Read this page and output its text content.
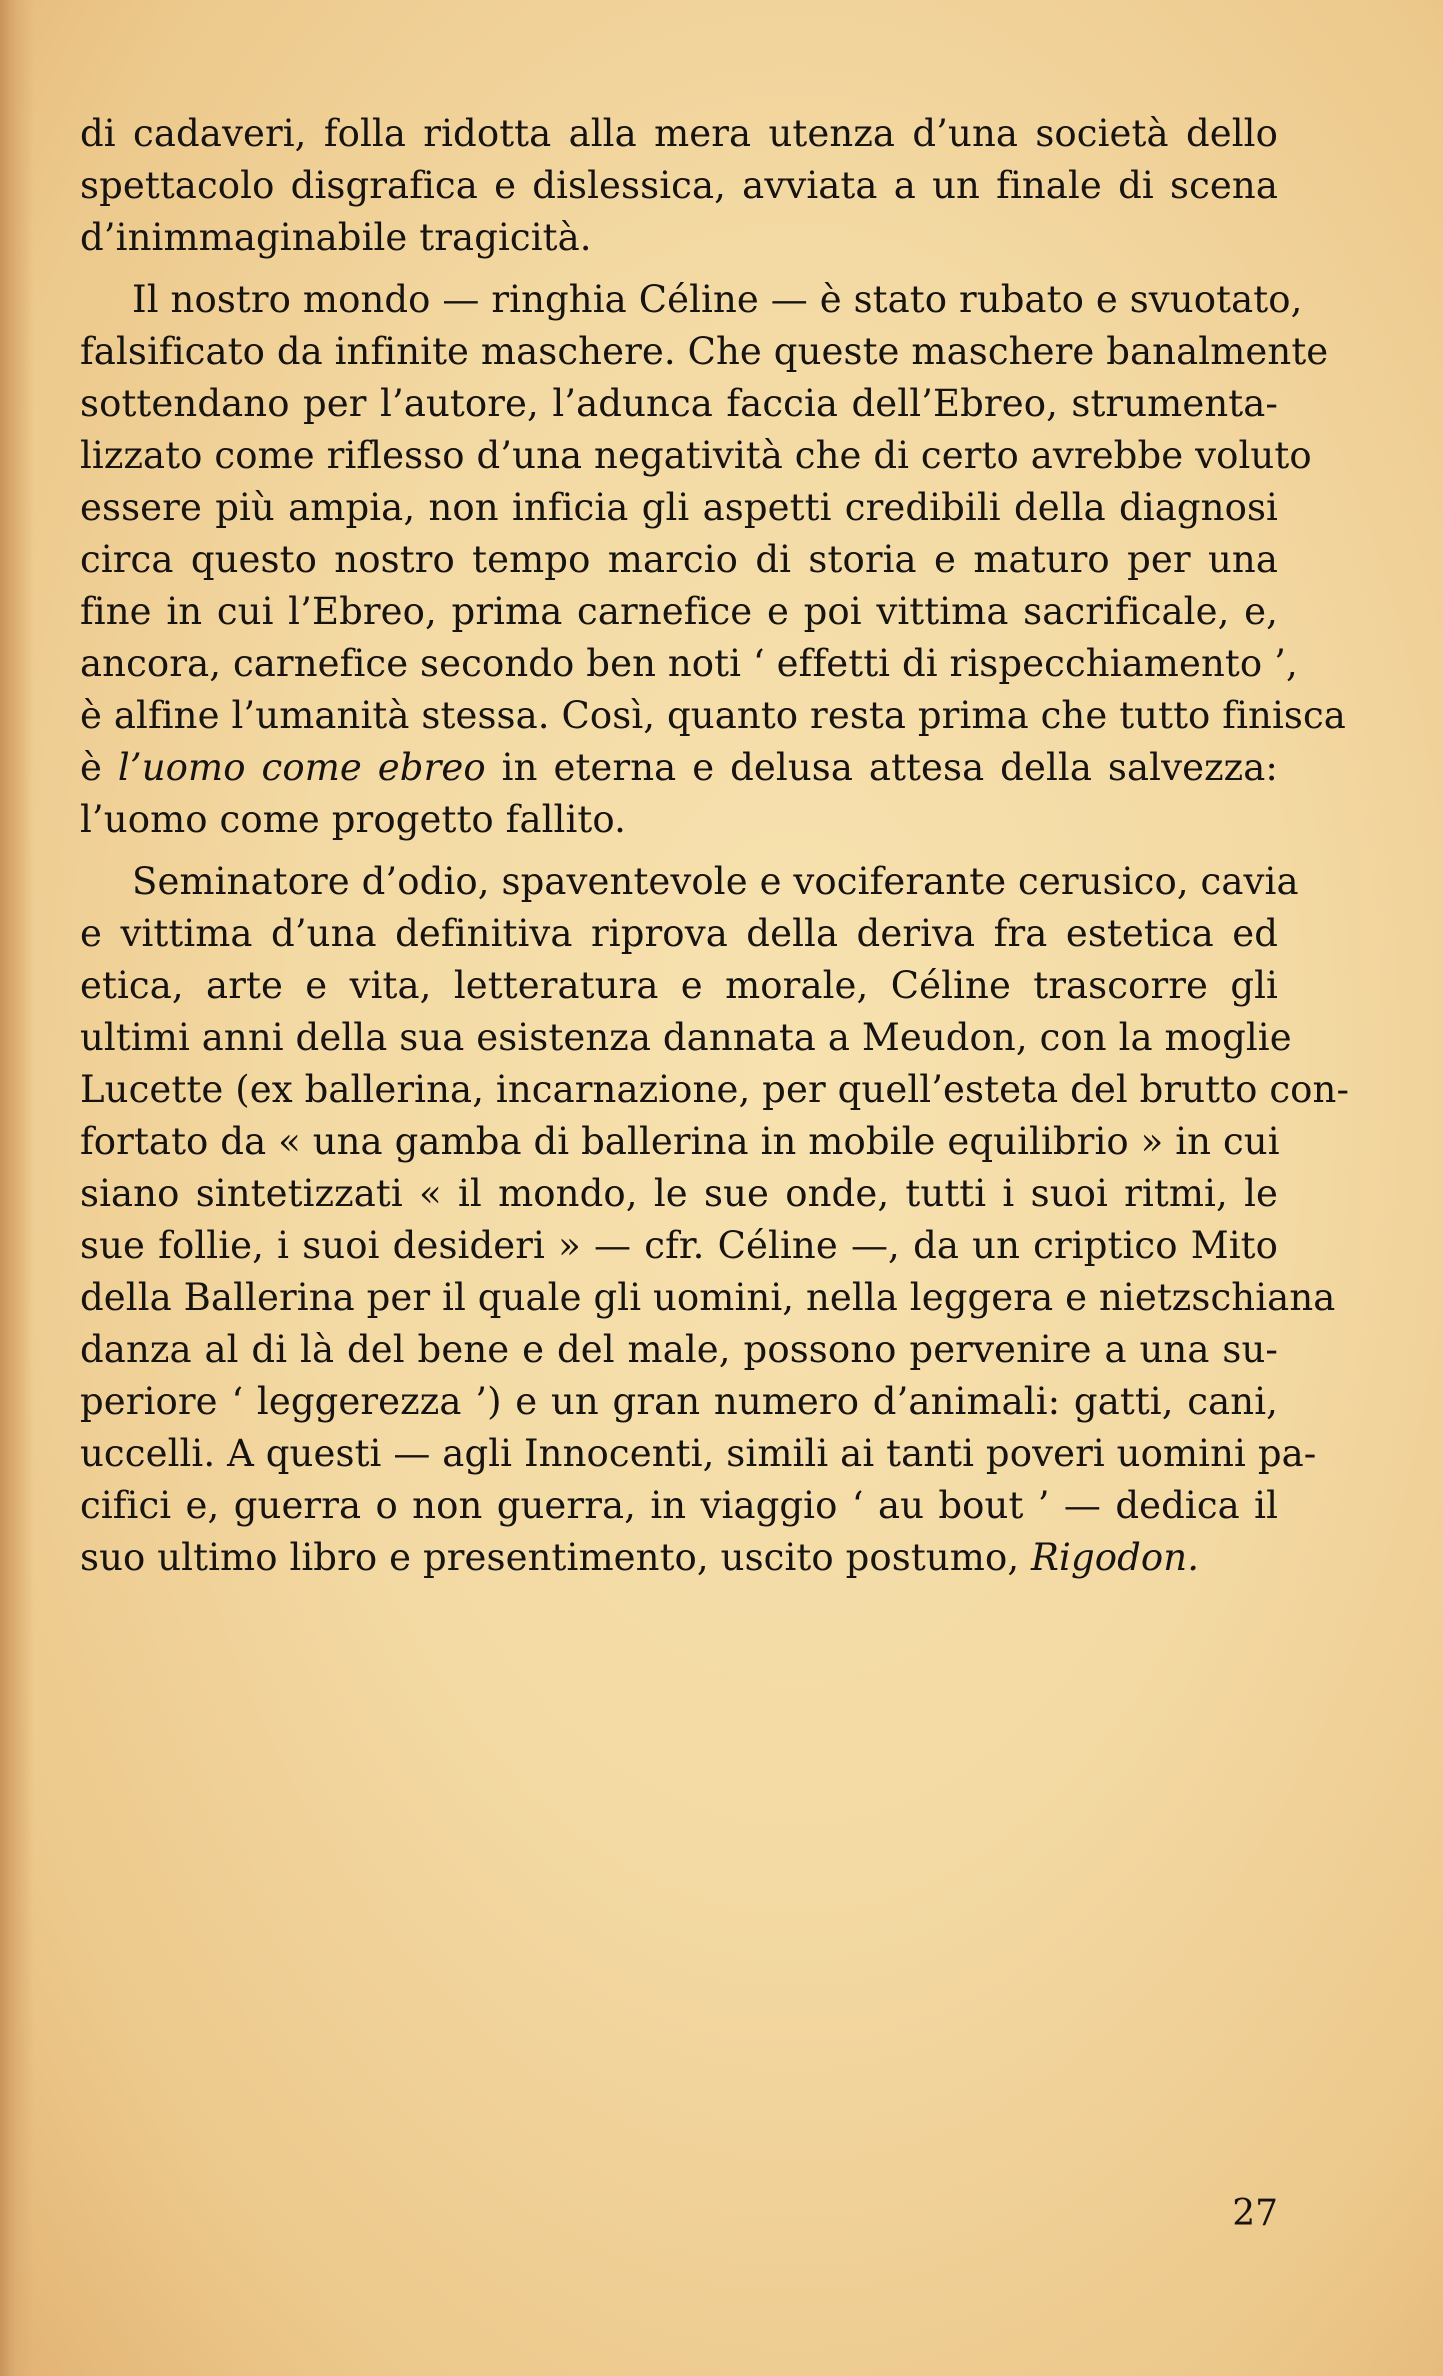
di cadaveri, folla ridotta alla mera utenza d’una società dello
spettacolo disgrafica e dislessica, avviata a un finale di scena
d’inimmaginabile tragicità.
Il nostro mondo — ringhia Céline — è stato rubato e svuotato,
falsificato da infinite maschere. Che queste maschere banalmente
sottendano per l’autore, l’adunca faccia dell’Ebreo, strumenta-
lizzato come riflesso d’una negatività che di certo avrebbe voluto
essere più ampia, non inficia gli aspetti credibili della diagnosi
circa questo nostro tempo marcio di storia e maturo per una
fine in cui l’Ebreo, prima carnefice e poi vittima sacrificale, e,
ancora, carnefice secondo ben noti ‘ effetti di rispecchiamento ’,
è alfine l’umanità stessa. Così, quanto resta prima che tutto finisca
è l’uomo come ebreo in eterna e delusa attesa della salvezza:
l’uomo come progetto fallito.
Seminatore d’odio, spaventevole e vociferante cerusico, cavia
e vittima d’una definitiva riprova della deriva fra estetica ed
etica, arte e vita, letteratura e morale, Céline trascorre gli
ultimi anni della sua esistenza dannata a Meudon, con la moglie
Lucette (ex ballerina, incarnazione, per quell’esteta del brutto con-
fortato da « una gamba di ballerina in mobile equilibrio » in cui
siano sintetizzati « il mondo, le sue onde, tutti i suoi ritmi, le
sue follie, i suoi desideri » — cfr. Céline —, da un criptico Mito
della Ballerina per il quale gli uomini, nella leggera e nietzschiana
danza al di là del bene e del male, possono pervenire a una su-
periore ‘ leggerezza ’) e un gran numero d’animali: gatti, cani,
uccelli. A questi — agli Innocenti, simili ai tanti poveri uomini pa-
cifici e, guerra o non guerra, in viaggio ‘ au bout ’ — dedica il
suo ultimo libro e presentimento, uscito postumo, Rigodon.
27
